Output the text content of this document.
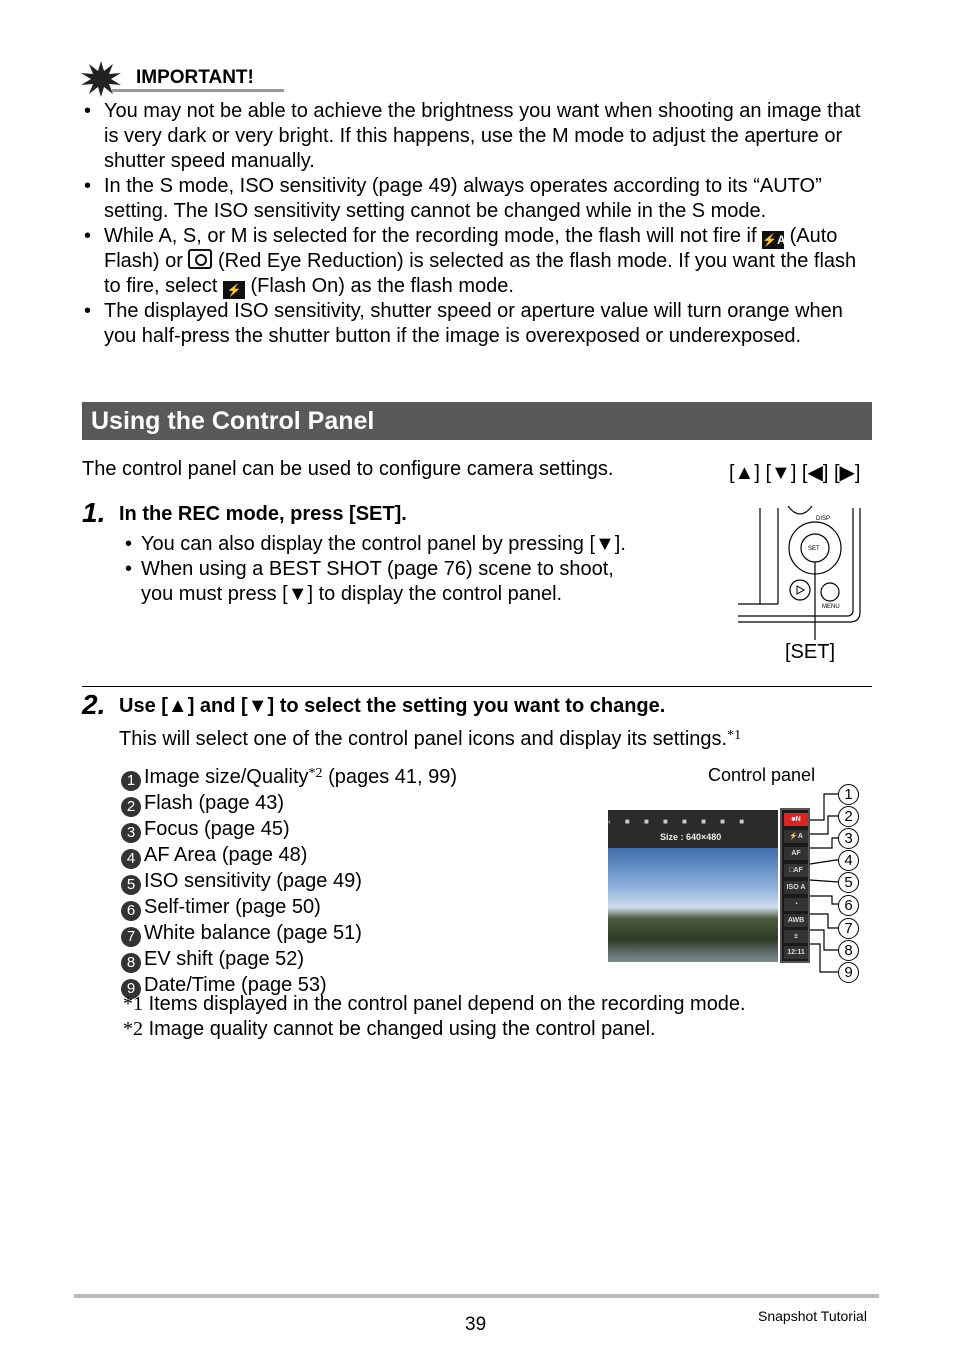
IMPORTANT!
• You may not be able to achieve the brightness you want when shooting an image that is very dark or very bright. If this happens, use the M mode to adjust the aperture or shutter speed manually.
• In the S mode, ISO sensitivity (page 49) always operates according to its “AUTO” setting. The ISO sensitivity setting cannot be changed while in the S mode.
• While A, S, or M is selected for the recording mode, the flash will not fire if ⚡A (Auto Flash) or  (Red Eye Reduction) is selected as the flash mode. If you want the flash to fire, select ⚡ (Flash On) as the flash mode.
• The displayed ISO sensitivity, shutter speed or aperture value will turn orange when you half-press the shutter button if the image is overexposed or underexposed.
Using the Control Panel
The control panel can be used to configure camera settings.	[▲] [▼] [◀] [▶]
DISP
SET
MENU
[SET]
1. In the REC mode, press [SET].
• You can also display the control panel by pressing [▼].
• When using a BEST SHOT (page 76) scene to shoot, you must press [▼] to display the control panel.
2. Use [▲] and [▼] to select the setting you want to change.
This will select one of the control panel icons and display its settings.$^{*1}$
1 Image size/Quality$^{*2}$ (pages 41, 99)
2 Flash (page 43)
3 Focus (page 45)
4 AF Area (page 48)
5 ISO sensitivity (page 49)
6 Self-timer (page 50)
7 White balance (page 51)
8 EV shift (page 52)
9 Date/Time (page 53)
Control panel
‹ ■ ■ ■ ■ ■ ■ ■
Size : 640×480
■N
⚡A
AF
□AF
ISO A
◔
AWB
±
12:11
1
2
3
4
5
6
7
8
9
*1 Items displayed in the control panel depend on the recording mode.
*2 Image quality cannot be changed using the control panel.
39	Snapshot Tutorial
